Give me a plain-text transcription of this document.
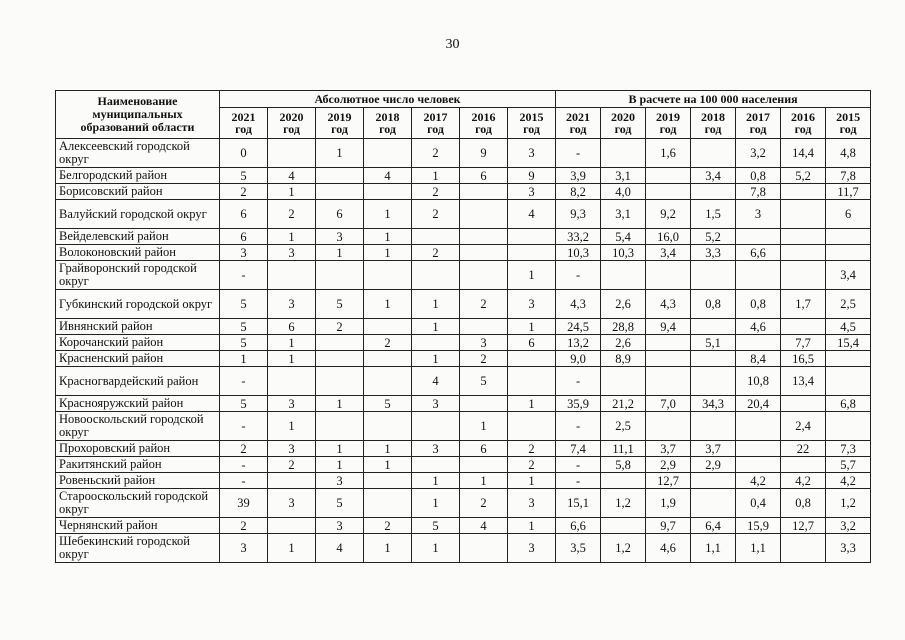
30
Наименование муниципальных образований области	Абсолютное число человек							В расчете на 100 000 населения						
	2021 год	2020 год	2019 год	2018 год	2017 год	2016 год	2015 год	2021 год	2020 год	2019 год	2018 год	2017 год	2016 год	2015 год
Алексеевский городской округ	0		1		2	9	3	-		1,6		3,2	14,4	4,8
Белгородский район	5	4		4	1	6	9	3,9	3,1		3,4	0,8	5,2	7,8
Борисовский район	2	1			2		3	8,2	4,0			7,8		11,7
Валуйский городской округ	6	2	6	1	2		4	9,3	3,1	9,2	1,5	3		6
Вейделевский район	6	1	3	1				33,2	5,4	16,0	5,2			
Волоконовский район	3	3	1	1	2			10,3	10,3	3,4	3,3	6,6		
Грайворонский городской округ	-						1	-						3,4
Губкинский городской округ	5	3	5	1	1	2	3	4,3	2,6	4,3	0,8	0,8	1,7	2,5
Ивнянский район	5	6	2		1		1	24,5	28,8	9,4		4,6		4,5
Корочанский район	5	1		2		3	6	13,2	2,6		5,1		7,7	15,4
Красненский район	1	1			1	2		9,0	8,9			8,4	16,5	
Красногвардейский район	-				4	5		-				10,8	13,4	
Краснояружский район	5	3	1	5	3		1	35,9	21,2	7,0	34,3	20,4		6,8
Новооскольский городской округ	-	1				1		-	2,5				2,4	
Прохоровский район	2	3	1	1	3	6	2	7,4	11,1	3,7	3,7		22	7,3
Ракитянский район	-	2	1	1			2	-	5,8	2,9	2,9			5,7
Ровеньский район	-		3		1	1	1	-		12,7		4,2	4,2	4,2
Старооскольский городской округ	39	3	5		1	2	3	15,1	1,2	1,9		0,4	0,8	1,2
Чернянский район	2		3	2	5	4	1	6,6		9,7	6,4	15,9	12,7	3,2
Шебекинский городской округ	3	1	4	1	1		3	3,5	1,2	4,6	1,1	1,1		3,3
